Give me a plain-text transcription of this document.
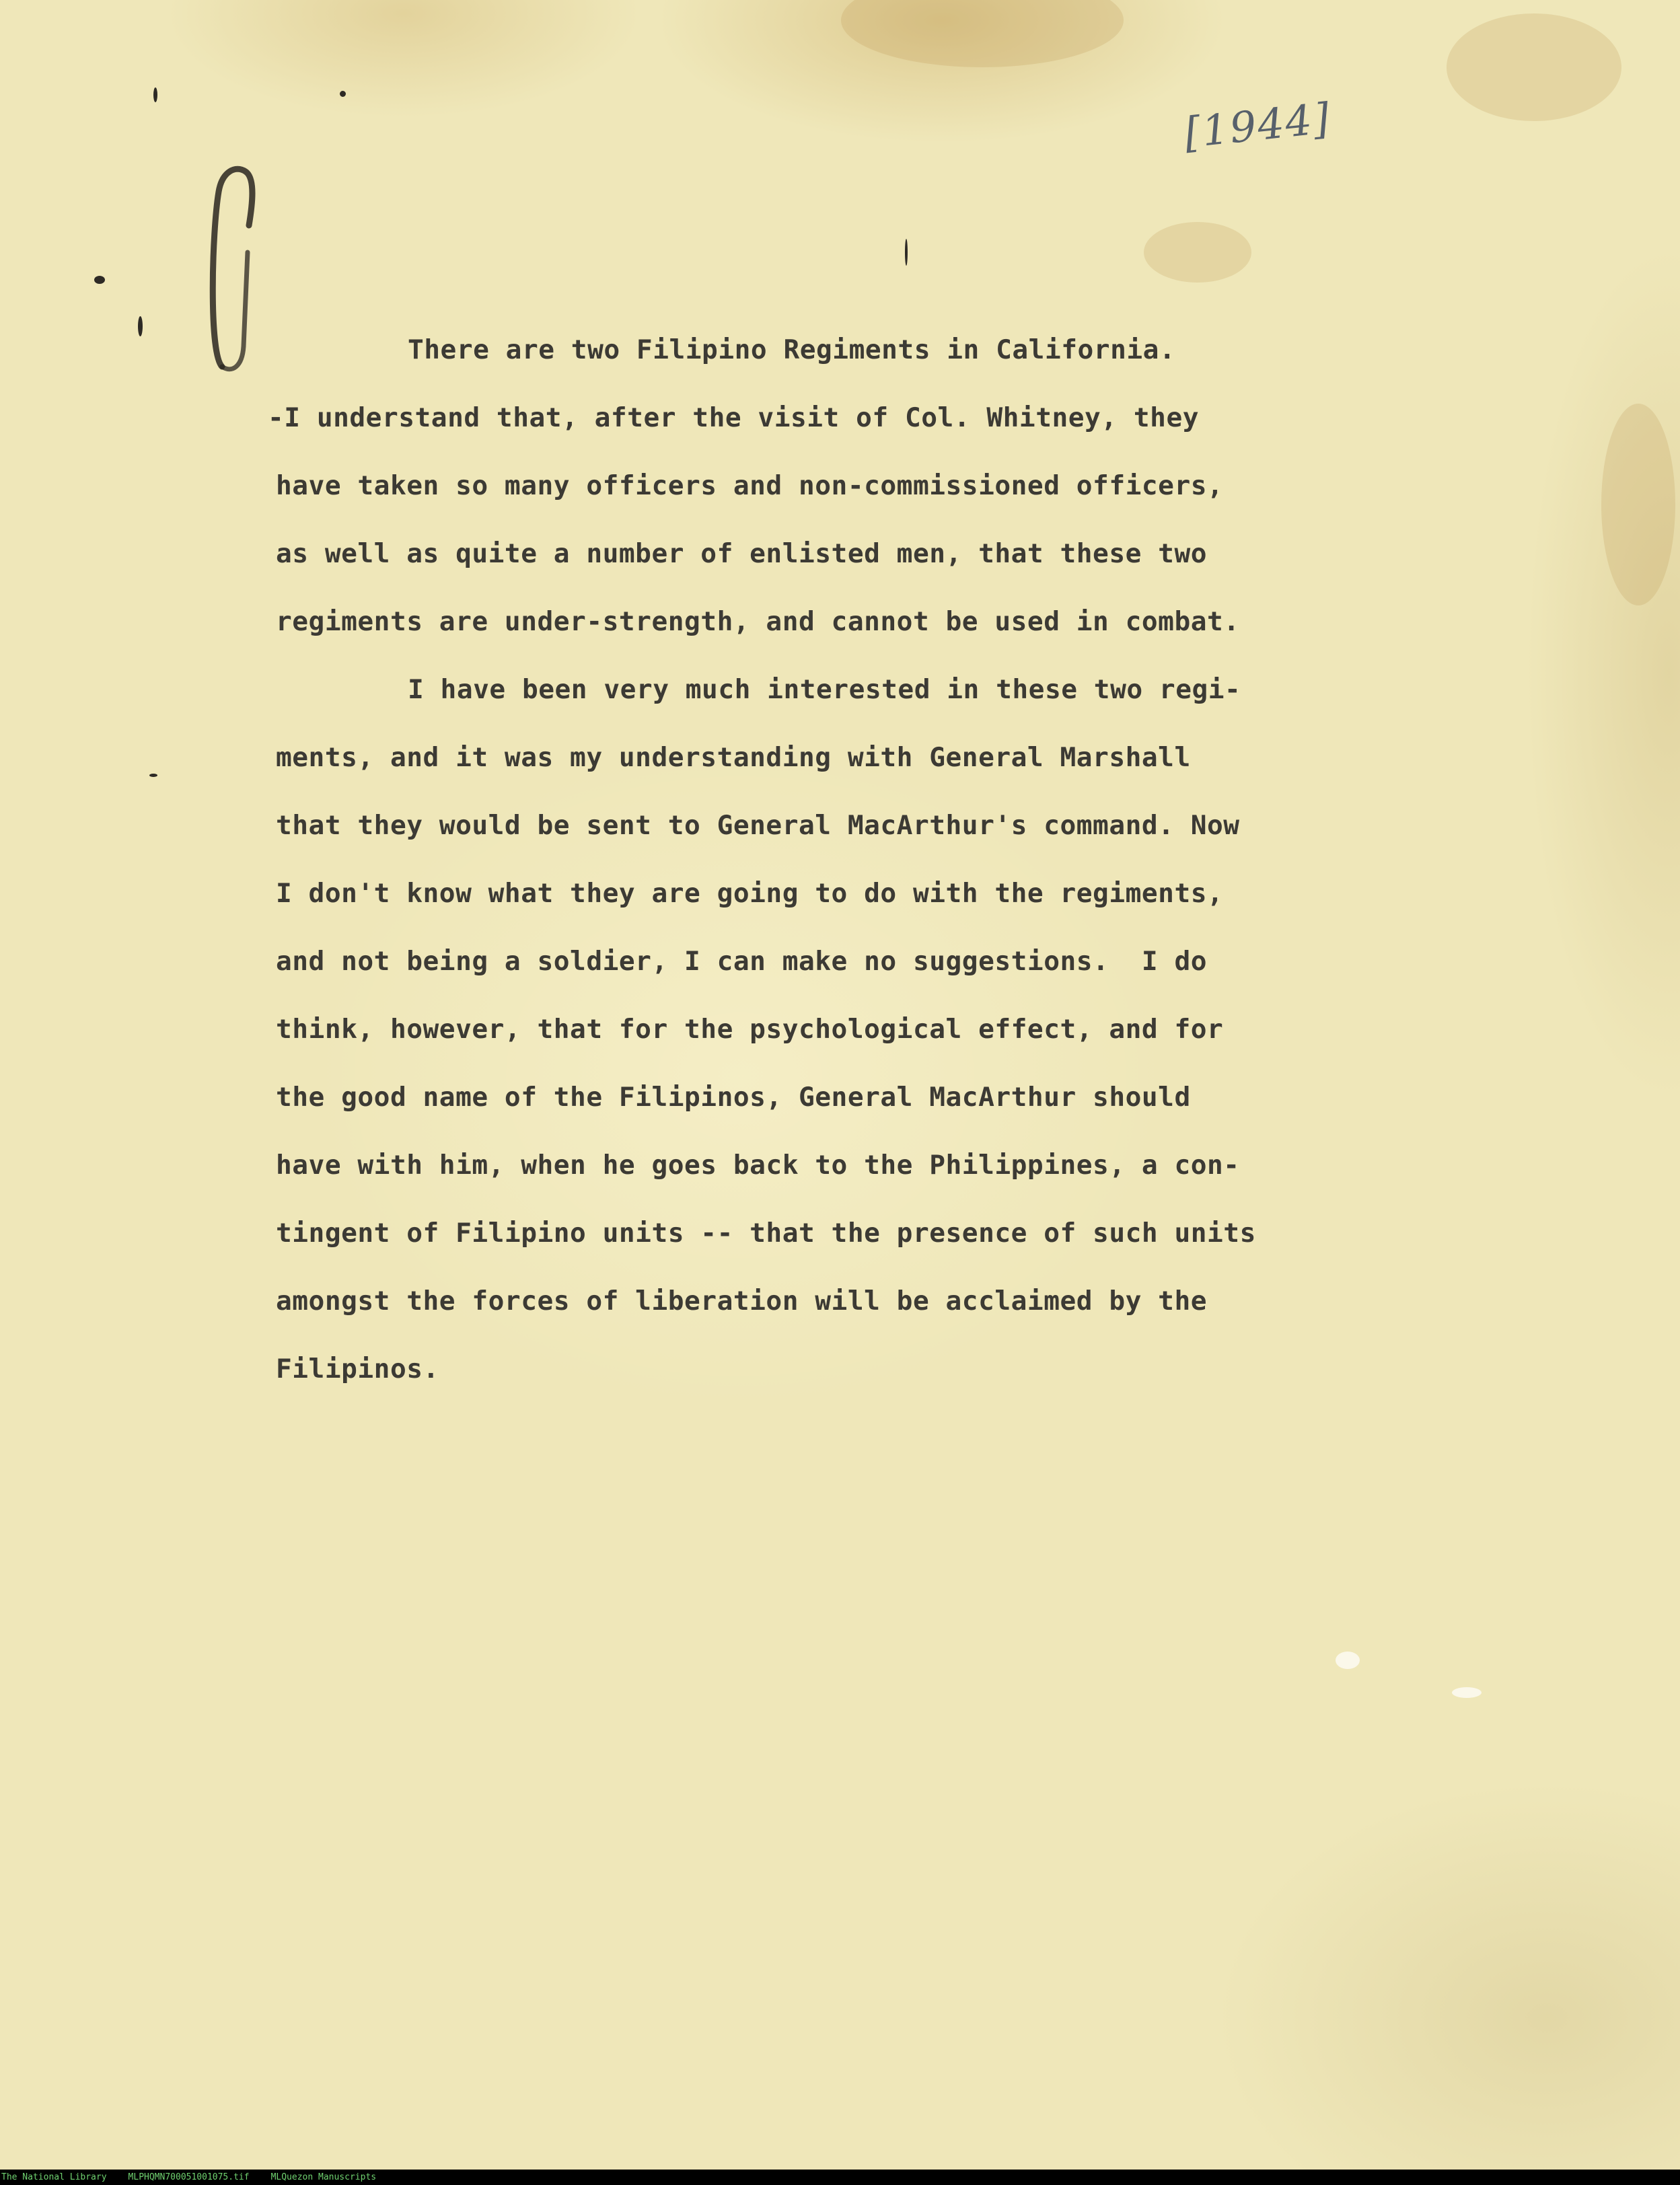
[1944]
There are two Filipino Regiments in California.
-I understand that, after the visit of Col. Whitney, they
have taken so many officers and non-commissioned officers,
as well as quite a number of enlisted men, that these two
regiments are under-strength, and cannot be used in combat.
I have been very much interested in these two regi-
ments, and it was my understanding with General Marshall
that they would be sent to General MacArthur's command. Now
I don't know what they are going to do with the regiments,
and not being a soldier, I can make no suggestions.  I do
think, however, that for the psychological effect, and for
the good name of the Filipinos, General MacArthur should
have with him, when he goes back to the Philippines, a con-
tingent of Filipino units -- that the presence of such units
amongst the forces of liberation will be acclaimed by the
Filipinos.
The National Library MLPHQMN700051001075.tif MLQuezon Manuscripts
